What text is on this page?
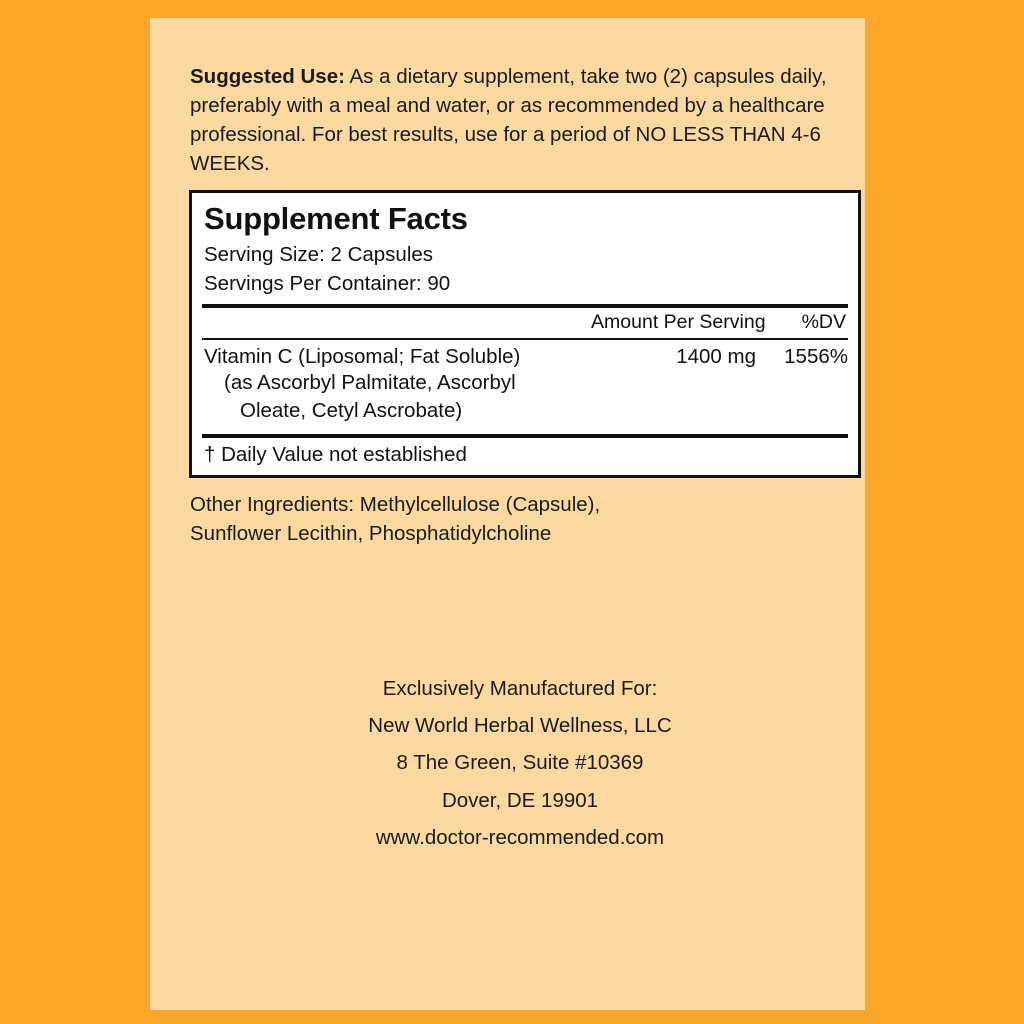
Suggested Use: As a dietary supplement, take two (2) capsules daily, preferably with a meal and water, or as recommended by a healthcare professional. For best results, use for a period of NO LESS THAN 4-6 WEEKS.

Supplement Facts
Serving Size: 2 Capsules
Servings Per Container: 90
Amount Per Serving %DV
Vitamin C (Liposomal; Fat Soluble)	1400 mg	1556%
(as Ascorbyl Palmitate, Ascorbyl
Oleate, Cetyl Ascrobate)
† Daily Value not established
Other Ingredients: Methylcellulose (Capsule),
Sunflower Lecithin, Phosphatidylcholine
Exclusively Manufactured For:
New World Herbal Wellness, LLC
8 The Green, Suite #10369
Dover, DE 19901
www.doctor-recommended.com
